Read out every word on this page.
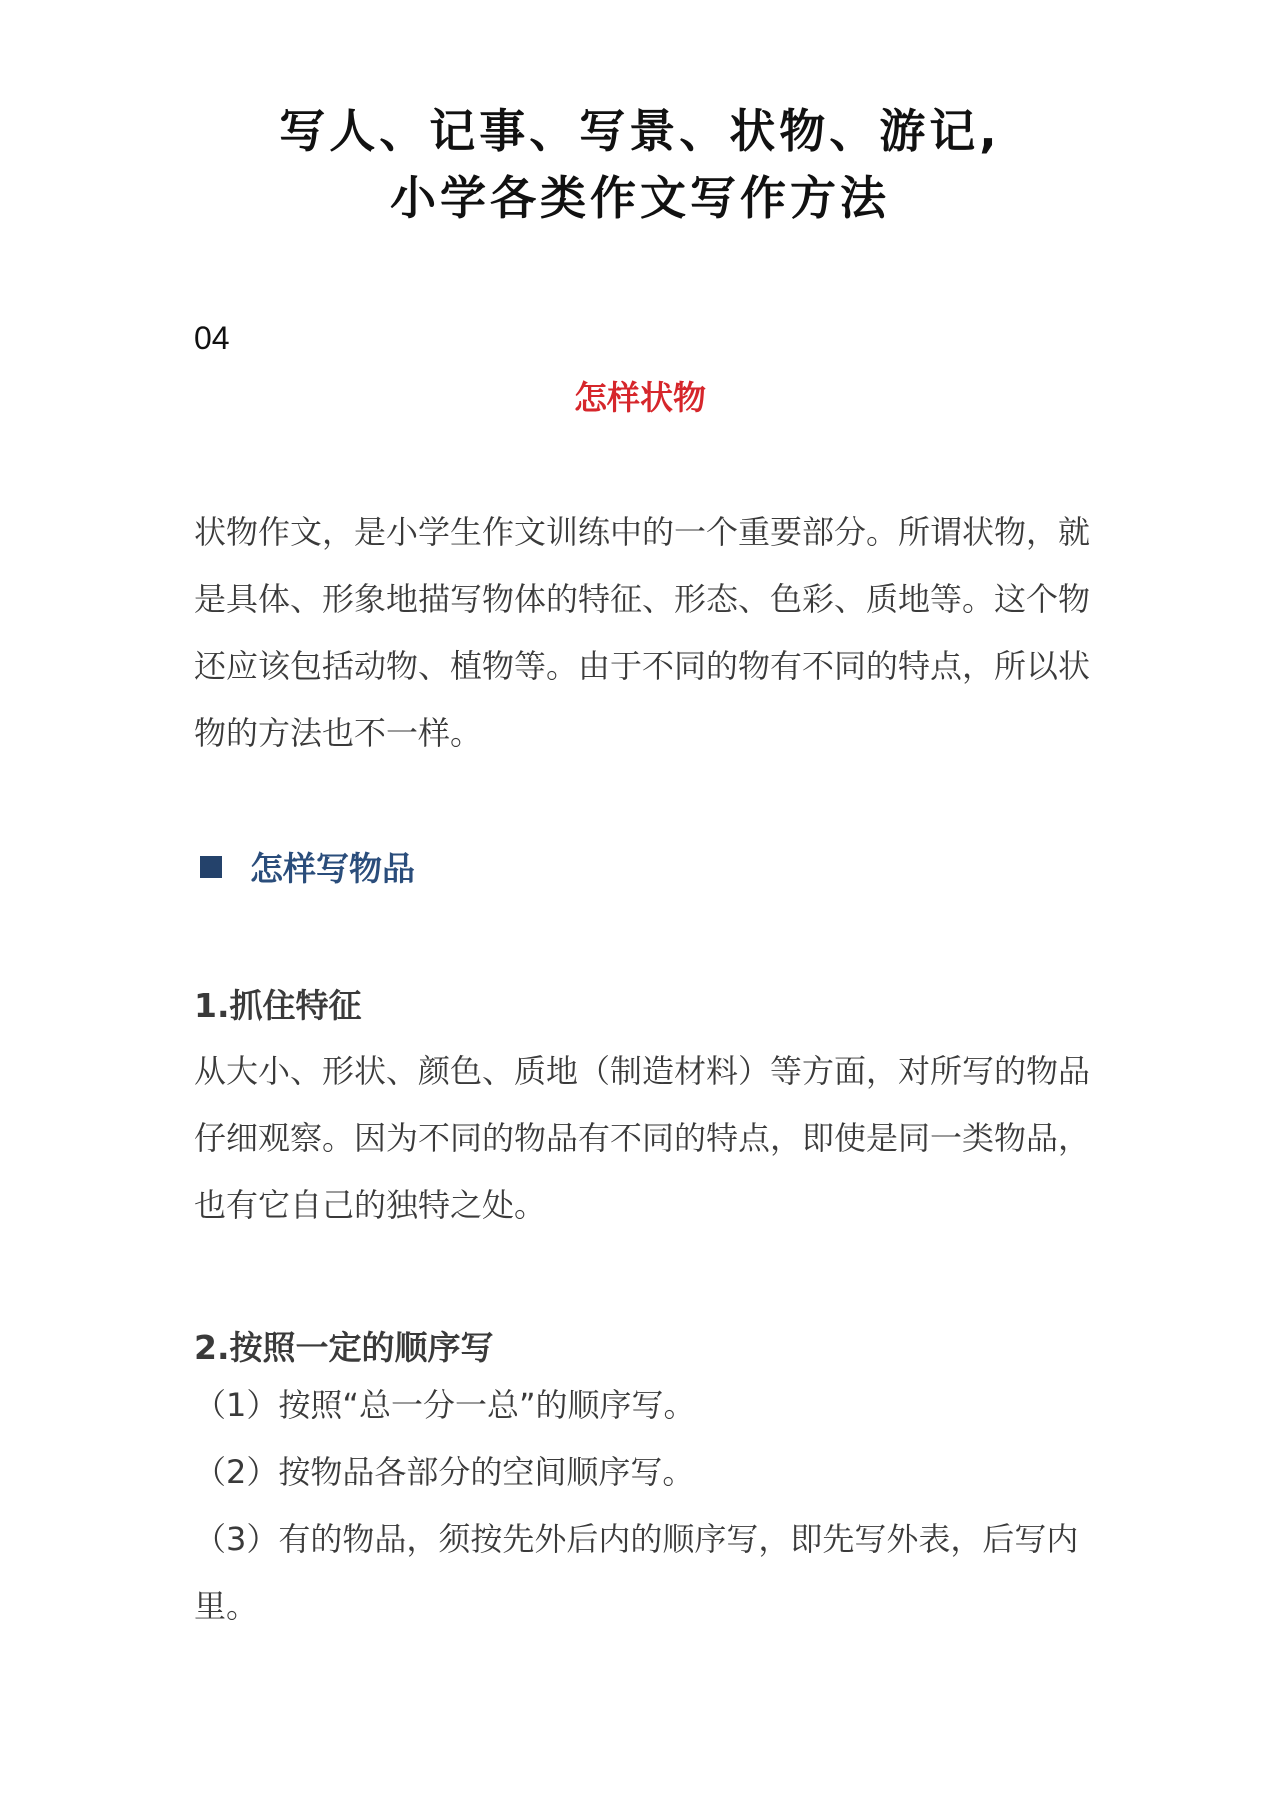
写人、记事、写景、状物、游记,
小学各类作文写作方法
04
怎样状物

状物作文，是小学生作文训练中的一个重要部分。所谓状物，就是具体、形象地描写物体的特征、形态、色彩、质地等。这个物还应该包括动物、植物等。由于不同的物有不同的特点，所以状物的方法也不一样。

怎样写物品
1.抓住特征

从大小、形状、颜色、质地（制造材料）等方面，对所写的物品仔细观察。因为不同的物品有不同的特点，即使是同一类物品，也有它自己的独特之处。

2.按照一定的顺序写
（1）按照“总一分一总”的顺序写。
（2）按物品各部分的空间顺序写。
（3）有的物品，须按先外后内的顺序写，即先写外表，后写内里。
